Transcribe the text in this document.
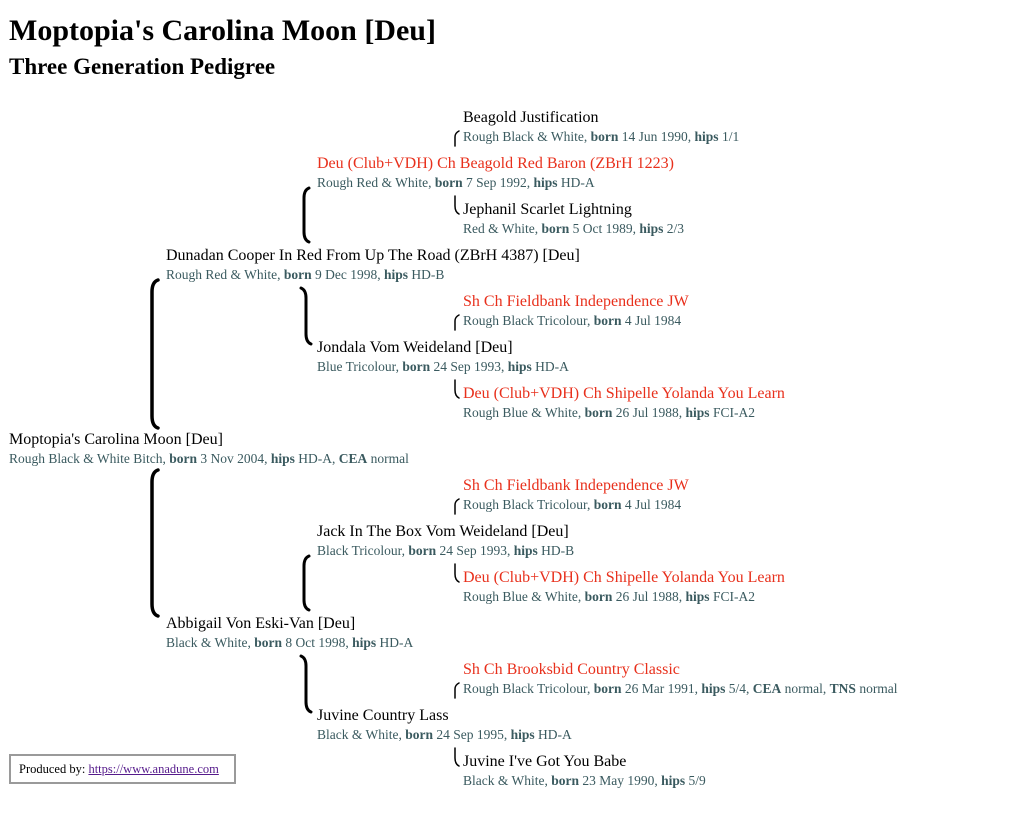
Moptopia's Carolina Moon [Deu]
Three Generation Pedigree
Beagold Justification
Rough Black & White, born 14 Jun 1990, hips 1/1
Deu (Club+VDH) Ch Beagold Red Baron (ZBrH 1223)
Rough Red & White, born 7 Sep 1992, hips HD-A
Jephanil Scarlet Lightning
Red & White, born 5 Oct 1989, hips 2/3
Dunadan Cooper In Red From Up The Road (ZBrH 4387) [Deu]
Rough Red & White, born 9 Dec 1998, hips HD-B
Sh Ch Fieldbank Independence JW
Rough Black Tricolour, born 4 Jul 1984
Jondala Vom Weideland [Deu]
Blue Tricolour, born 24 Sep 1993, hips HD-A
Deu (Club+VDH) Ch Shipelle Yolanda You Learn
Rough Blue & White, born 26 Jul 1988, hips FCI-A2
Moptopia's Carolina Moon [Deu]
Rough Black & White Bitch, born 3 Nov 2004, hips HD-A, CEA normal
Sh Ch Fieldbank Independence JW
Rough Black Tricolour, born 4 Jul 1984
Jack In The Box Vom Weideland [Deu]
Black Tricolour, born 24 Sep 1993, hips HD-B
Deu (Club+VDH) Ch Shipelle Yolanda You Learn
Rough Blue & White, born 26 Jul 1988, hips FCI-A2
Abbigail Von Eski-Van [Deu]
Black & White, born 8 Oct 1998, hips HD-A
Sh Ch Brooksbid Country Classic
Rough Black Tricolour, born 26 Mar 1991, hips 5/4, CEA normal, TNS normal
Juvine Country Lass
Black & White, born 24 Sep 1995, hips HD-A
Juvine I've Got You Babe
Black & White, born 23 May 1990, hips 5/9
Produced by: https://www.anadune.com
